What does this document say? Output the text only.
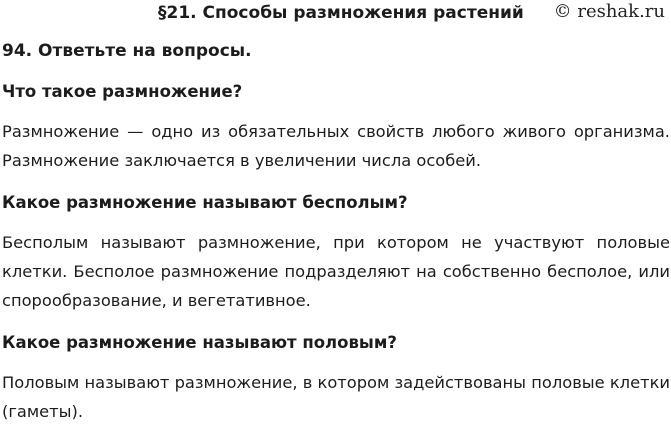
§21. Способы размножения растений © reshak.ru
94. Ответьте на вопросы.
Что такое размножение?
Размножение — одно из обязательных свойств любого живого организма. Размножение заключается в увеличении числа особей.
Какое размножение называют бесполым?
Бесполым называют размножение, при котором не участвуют половые клетки. Бесполое размножение подразделяют на собственно бесполое, или спорообразование, и вегетативное.
Какое размножение называют половым?
Половым называют размножение, в котором задействованы половые клетки (гаметы).
